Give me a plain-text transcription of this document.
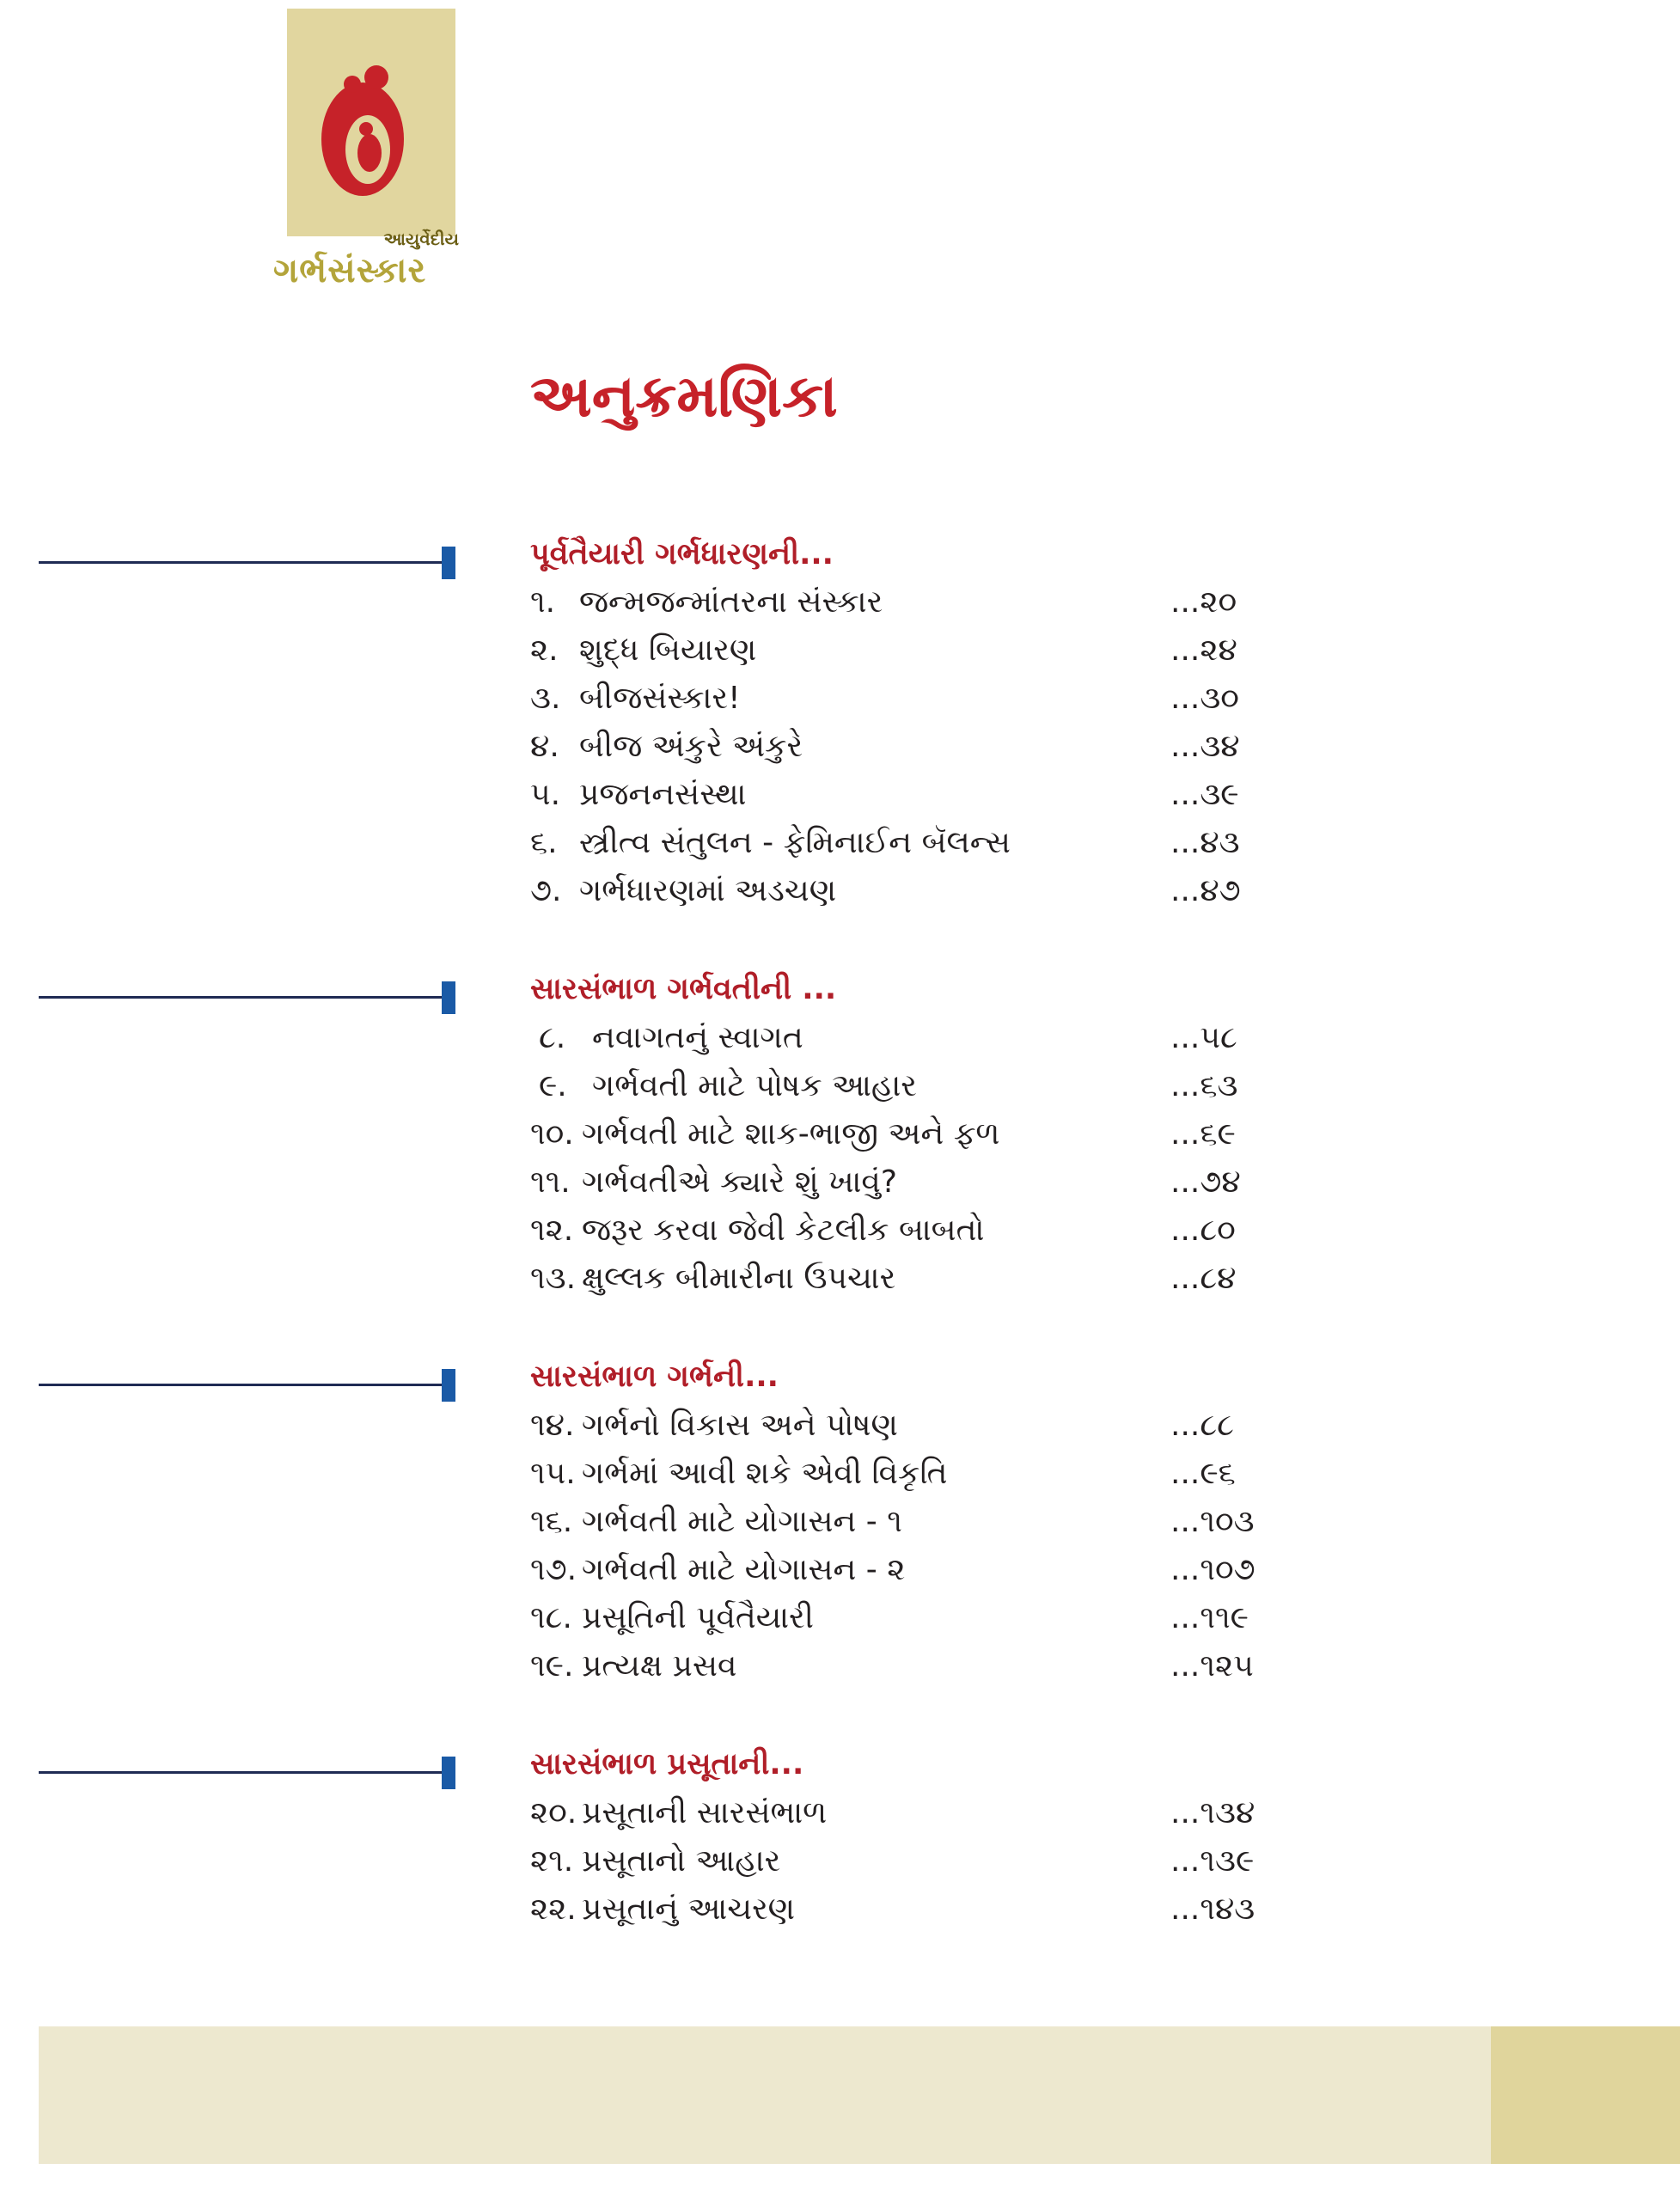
આયુર્વેદીય
ગર્ભસંસ્કાર
અનુક્રમણિકા
પૂર્વતૈયારી ગર્ભધારણની...
૧. જન્મજન્માંતરના સંસ્કાર	...૨૦
૨. શુદ્ધ બિયારણ	...૨૪
૩. બીજસંસ્કાર!	...૩૦
૪. બીજ અંકુરે અંકુરે	...૩૪
૫. પ્રજનનસંસ્થા	...૩૯
૬. સ્ત્રીત્વ સંતુલન - ફેમિનાઈન બૅલન્સ	...૪૩
૭. ગર્ભધારણમાં અડચણ	...૪૭
સારસંભાળ ગર્ભવતીની ...
૮. નવાગતનું સ્વાગત	...૫૮
૯. ગર્ભવતી માટે પોષક આહાર	...૬૩
૧૦. ગર્ભવતી માટે શાક-ભાજી અને ફળ	...૬૯
૧૧. ગર્ભવતીએ ક્યારે શું ખાવું?	...૭૪
૧૨. જરૂર કરવા જેવી કેટલીક બાબતો	...૮૦
૧૩. ક્ષુલ્લક બીમારીના ઉપચાર	...૮૪
સારસંભાળ ગર્ભની...
૧૪. ગર્ભનો વિકાસ અને પોષણ	...૮૮
૧૫. ગર્ભમાં આવી શકે એવી વિકૃતિ	...૯૬
૧૬. ગર્ભવતી માટે યોગાસન - ૧	...૧૦૩
૧૭. ગર્ભવતી માટે યોગાસન - ૨	...૧૦૭
૧૮. પ્રસૂતિની પૂર્વતૈયારી	...૧૧૯
૧૯. પ્રત્યક્ષ પ્રસવ	...૧૨૫
સારસંભાળ પ્રસૂતાની...
૨૦. પ્રસૂતાની સારસંભાળ	...૧૩૪
૨૧. પ્રસૂતાનો આહાર	...૧૩૯
૨૨. પ્રસૂતાનું આચરણ	...૧૪૩
